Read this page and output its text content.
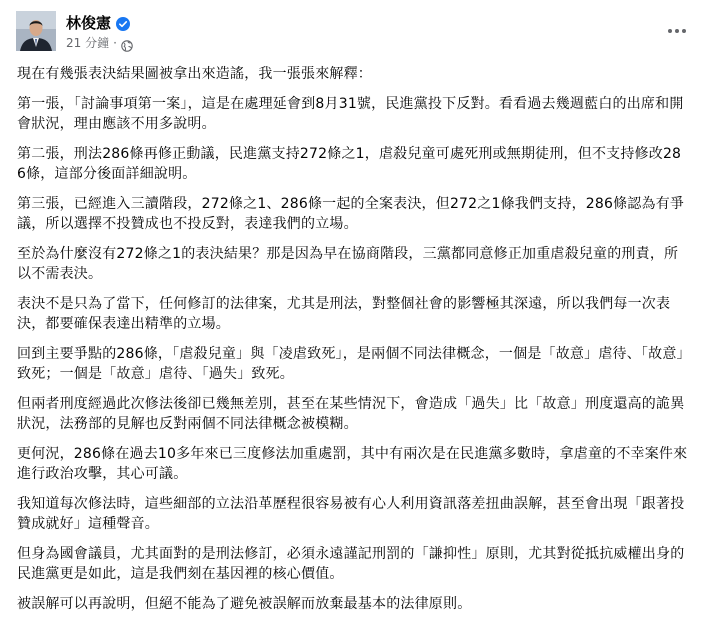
林俊憲
21 分鐘 ·

現在有幾張表決結果圖被拿出來造謠，我一張張來解釋：

第一張，「討論事項第一案」，這是在處理延會到8月31號，民進黨投下反對。看看過去幾週藍白的出席和開會狀況，理由應該不用多說明。

第二張，刑法286條再修正動議，民進黨支持272條之1，虐殺兒童可處死刑或無期徒刑，但不支持修改286條，這部分後面詳細說明。

第三張，已經進入三讀階段，272條之1、286條一起的全案表決，但272之1條我們支持，286條認為有爭議，所以選擇不投贊成也不投反對，表達我們的立場。

至於為什麼沒有272條之1的表決結果？那是因為早在協商階段，三黨都同意修正加重虐殺兒童的刑責，所以不需表決。

表決不是只為了當下，任何修訂的法律案，尤其是刑法，對整個社會的影響極其深遠，所以我們每一次表決，都要確保表達出精準的立場。

回到主要爭點的286條，「虐殺兒童」與「凌虐致死」，是兩個不同法律概念，一個是「故意」虐待、「故意」致死；一個是「故意」虐待、「過失」致死。

但兩者刑度經過此次修法後卻已幾無差別，甚至在某些情況下，會造成「過失」比「故意」刑度還高的詭異狀況，法務部的見解也反對兩個不同法律概念被模糊。

更何況，286條在過去10多年來已三度修法加重處罰，其中有兩次是在民進黨多數時，拿虐童的不幸案件來進行政治攻擊，其心可議。

我知道每次修法時，這些細部的立法沿革歷程很容易被有心人利用資訊落差扭曲誤解，甚至會出現「跟著投贊成就好」這種聲音。

但身為國會議員，尤其面對的是刑法修訂，必須永遠謹記刑罰的「謙抑性」原則，尤其對從抵抗威權出身的民進黨更是如此，這是我們刻在基因裡的核心價值。

被誤解可以再說明，但絕不能為了避免被誤解而放棄最基本的法律原則。
